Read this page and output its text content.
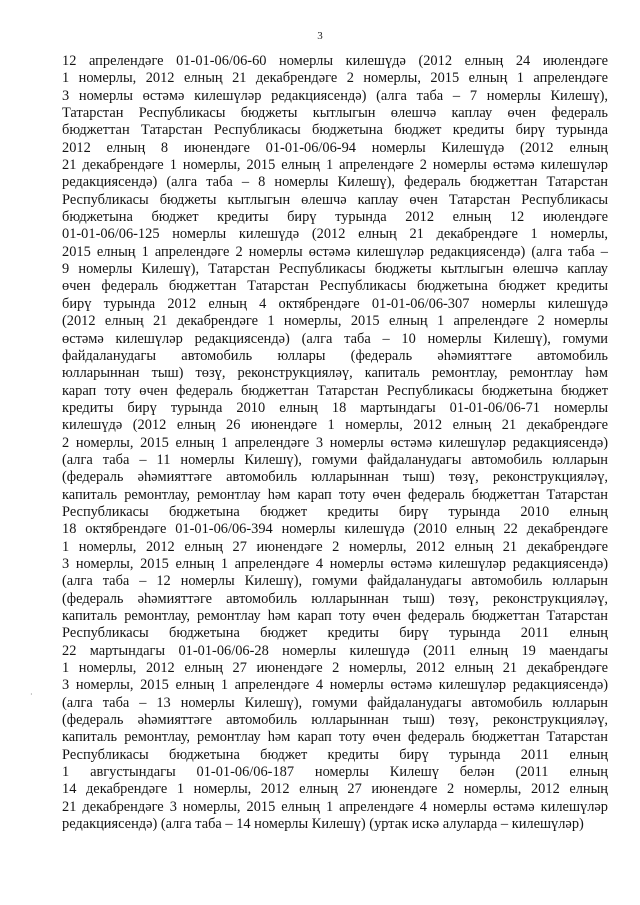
3
·
12 апрелендәге 01-01-06/06-60 номерлы килешүдә (2012 елның 24 июлендәге
1 номерлы, 2012 елның 21 декабрендәге 2 номерлы, 2015 елның 1 апрелендәге
3 номерлы өстәмә килешүләр редакциясендә) (алга таба – 7 номерлы Килешү),
Татарстан Республикасы бюджеты кытлыгын өлешчә каплау өчен федераль
бюджеттан Татарстан Республикасы бюджетына бюджет кредиты бирү турында
2012 елның 8 июнендәге 01-01-06/06-94 номерлы Килешүдә (2012 елның
21 декабрендәге 1 номерлы, 2015 елның 1 апрелендәге 2 номерлы өстәмә килешүләр
редакциясендә) (алга таба – 8 номерлы Килешү), федераль бюджеттан Татарстан
Республикасы бюджеты кытлыгын өлешчә каплау өчен Татарстан Республикасы
бюджетына бюджет кредиты бирү турында 2012 елның 12 июлендәге
01-01-06/06-125 номерлы килешүдә (2012 елның 21 декабрендәге 1 номерлы,
2015 елның 1 апрелендәге 2 номерлы өстәмә килешүләр редакциясендә) (алга таба –
9 номерлы Килешү), Татарстан Республикасы бюджеты кытлыгын өлешчә каплау
өчен федераль бюджеттан Татарстан Республикасы бюджетына бюджет кредиты
бирү турында 2012 елның 4 октябрендәге 01-01-06/06-307 номерлы килешүдә
(2012 елның 21 декабрендәге 1 номерлы, 2015 елның 1 апрелендәге 2 номерлы
өстәмә килешүләр редакциясендә) (алга таба – 10 номерлы Килешү), гомуми
файдаланудагы автомобиль юллары (федераль әһәмияттәге автомобиль
юлларыннан тыш) төзү, реконструкцияләү, капиталь ремонтлау, ремонтлау һәм
карап тоту өчен федераль бюджеттан Татарстан Республикасы бюджетына бюджет
кредиты бирү турында 2010 елның 18 мартындагы 01-01-06/06-71 номерлы
килешүдә (2012 елның 26 июнендәге 1 номерлы, 2012 елның 21 декабрендәге
2 номерлы, 2015 елның 1 апрелендәге 3 номерлы өстәмә килешүләр редакциясендә)
(алга таба – 11 номерлы Килешү), гомуми файдаланудагы автомобиль юлларын
(федераль әһәмияттәге автомобиль юлларыннан тыш) төзү, реконструкцияләү,
капиталь ремонтлау, ремонтлау һәм карап тоту өчен федераль бюджеттан Татарстан
Республикасы бюджетына бюджет кредиты бирү турында 2010 елның
18 октябрендәге 01-01-06/06-394 номерлы килешүдә (2010 елның 22 декабрендәге
1 номерлы, 2012 елның 27 июнендәге 2 номерлы, 2012 елның 21 декабрендәге
3 номерлы, 2015 елның 1 апрелендәге 4 номерлы өстәмә килешүләр редакциясендә)
(алга таба – 12 номерлы Килешү), гомуми файдаланудагы автомобиль юлларын
(федераль әһәмияттәге автомобиль юлларыннан тыш) төзү, реконструкцияләү,
капиталь ремонтлау, ремонтлау һәм карап тоту өчен федераль бюджеттан Татарстан
Республикасы бюджетына бюджет кредиты бирү турында 2011 елның
22 мартындагы 01-01-06/06-28 номерлы килешүдә (2011 елның 19 маендагы
1 номерлы, 2012 елның 27 июнендәге 2 номерлы, 2012 елның 21 декабрендәге
3 номерлы, 2015 елның 1 апрелендәге 4 номерлы өстәмә килешүләр редакциясендә)
(алга таба – 13 номерлы Килешү), гомуми файдаланудагы автомобиль юлларын
(федераль әһәмияттәге автомобиль юлларыннан тыш) төзү, реконструкцияләү,
капиталь ремонтлау, ремонтлау һәм карап тоту өчен федераль бюджеттан Татарстан
Республикасы бюджетына бюджет кредиты бирү турында 2011 елның
1 августындагы 01-01-06/06-187 номерлы Килешү белән (2011 елның
14 декабрендәге 1 номерлы, 2012 елның 27 июнендәге 2 номерлы, 2012 елның
21 декабрендәге 3 номерлы, 2015 елның 1 апрелендәге 4 номерлы өстәмә килешүләр
редакциясендә) (алга таба – 14 номерлы Килешү) (уртак искә алуларда – килешүләр)
